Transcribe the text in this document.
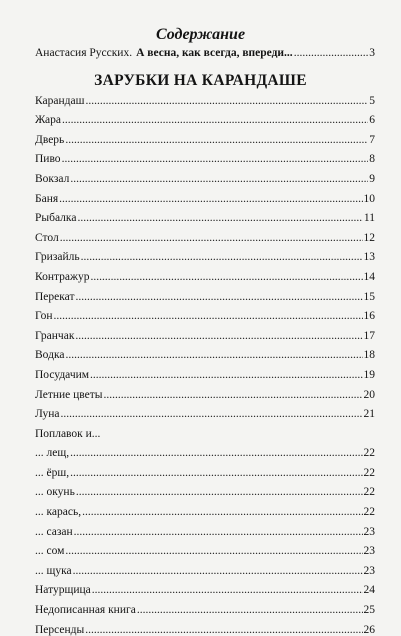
Содержание
Анастасия Русских. А весна, как всегда, впереди... .....	3
ЗАРУБКИ НА КАРАНДАШЕ
Карандаш .....	5
Жара .....	6
Дверь .....	7
Пиво .....	8
Вокзал .....	9
Баня .....	10
Рыбалка .....	11
Стол .....	12
Гризайль .....	13
Контражур .....	14
Перекат .....	15
Гон .....	16
Гранчак .....	17
Водка .....	18
Посудачим .....	19
Летние цветы .....	20
Луна .....	21
Поплавок и...
... лещ, .....	22
... ёрш, .....	22
... окунь .....	22
... карась, .....	22
... сазан .....	23
... сом .....	23
... щука .....	23
Натурщица .....	24
Недописанная книга .....	25
Персенды .....	26
